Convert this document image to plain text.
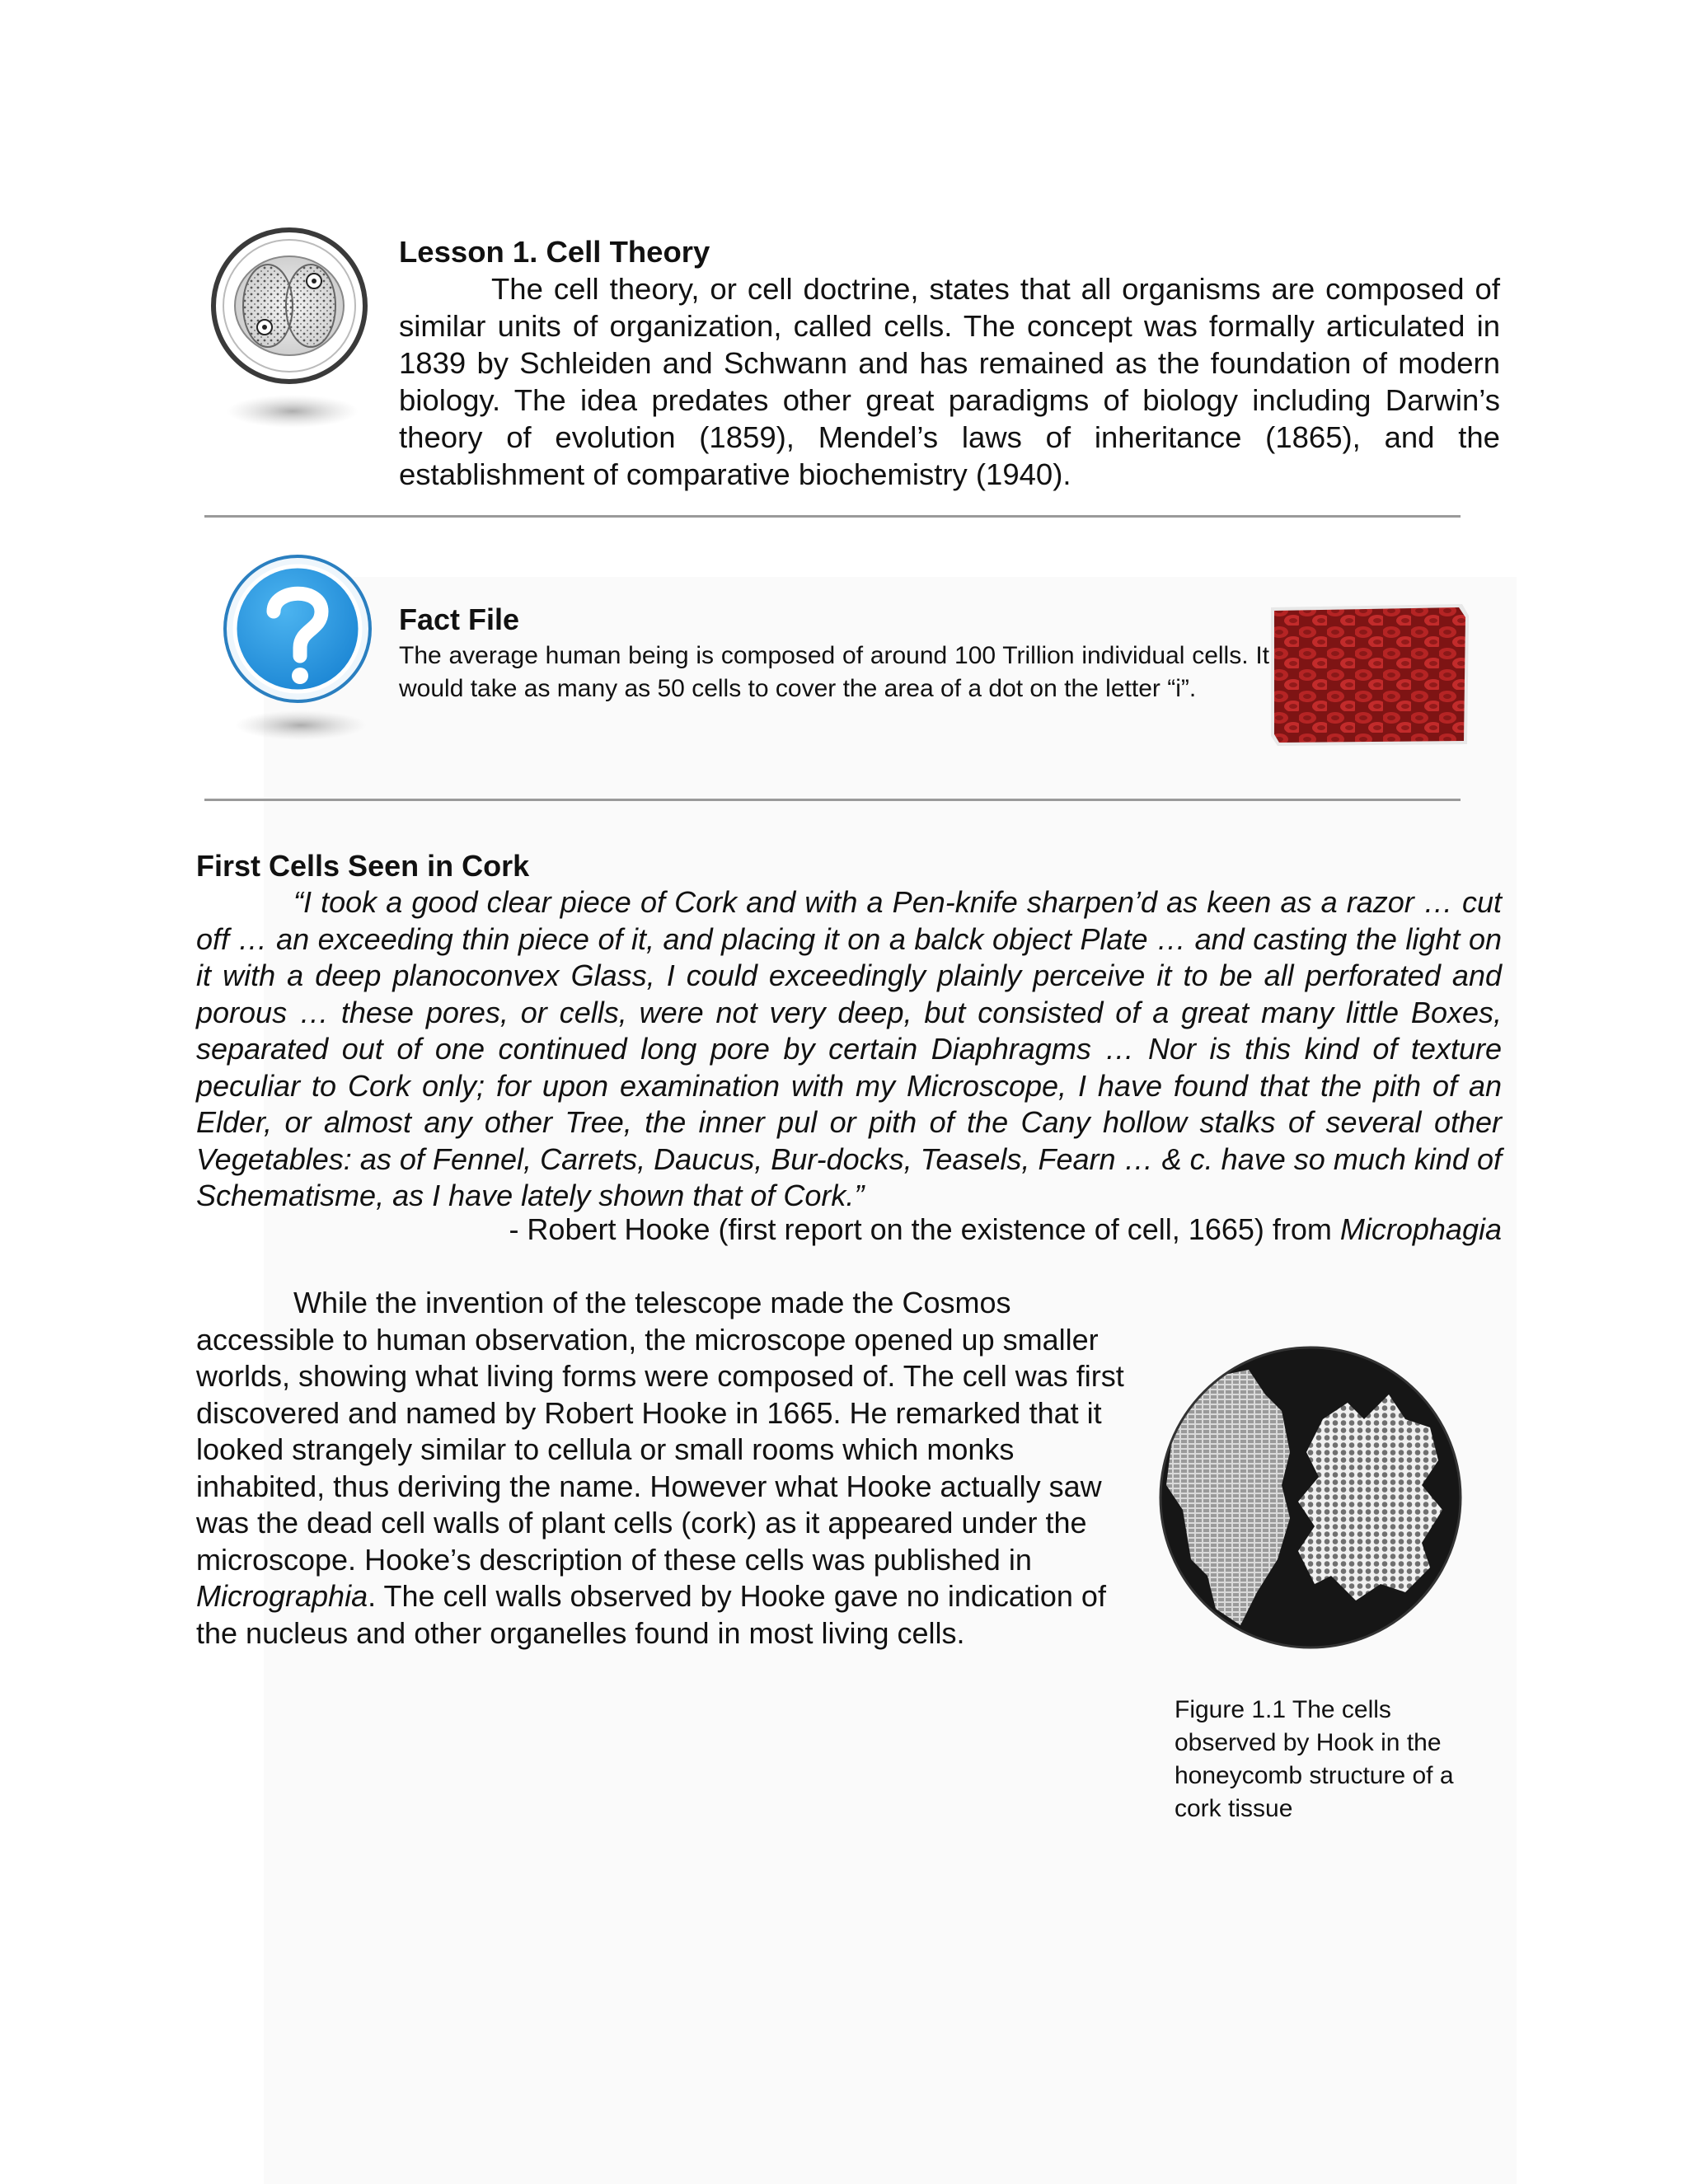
Lesson 1. Cell Theory
The cell theory, or cell doctrine, states that all organisms are composed of similar units of organization, called cells. The concept was formally articulated in 1839 by Schleiden and Schwann and has remained as the foundation of modern biology. The idea predates other great paradigms of biology including Darwin’s theory of evolution (1859), Mendel’s laws of inheritance (1865), and the establishment of comparative biochemistry (1940).
Fact File
The average human being is composed of around 100 Trillion individual cells. It would take as many as 50 cells to cover the area of a dot on the letter “i”.
First Cells Seen in Cork
“I took a good clear piece of Cork and with a Pen-knife sharpen’d as keen as a razor … cut off … an exceeding thin piece of it, and placing it on a balck object Plate … and casting the light on it with a deep planoconvex Glass, I could exceedingly plainly perceive it to be all perforated and porous … these pores, or cells, were not very deep, but consisted of a great many little Boxes, separated out of one continued long pore by certain Diaphragms … Nor is this kind of texture peculiar to Cork only; for upon examination with my Microscope, I have found that the pith of an Elder, or almost any other Tree, the inner pul or pith of the Cany hollow stalks of several other Vegetables: as of Fennel, Carrets, Daucus, Bur-docks, Teasels, Fearn … & c. have so much kind of Schematisme, as I have lately shown that of Cork.”
- Robert Hooke (first report on the existence of cell, 1665) from Microphagia
While the invention of the telescope made the Cosmos accessible to human observation, the microscope opened up smaller worlds, showing what living forms were composed of. The cell was first discovered and named by Robert Hooke in 1665. He remarked that it looked strangely similar to cellula or small rooms which monks inhabited, thus deriving the name. However what Hooke actually saw was the dead cell walls of plant cells (cork) as it appeared under the microscope. Hooke’s description of these cells was published in Micrographia. The cell walls observed by Hooke gave no indication of the nucleus and other organelles found in most living cells.
Figure 1.1 The cells observed by Hook in the honeycomb structure of a cork tissue
